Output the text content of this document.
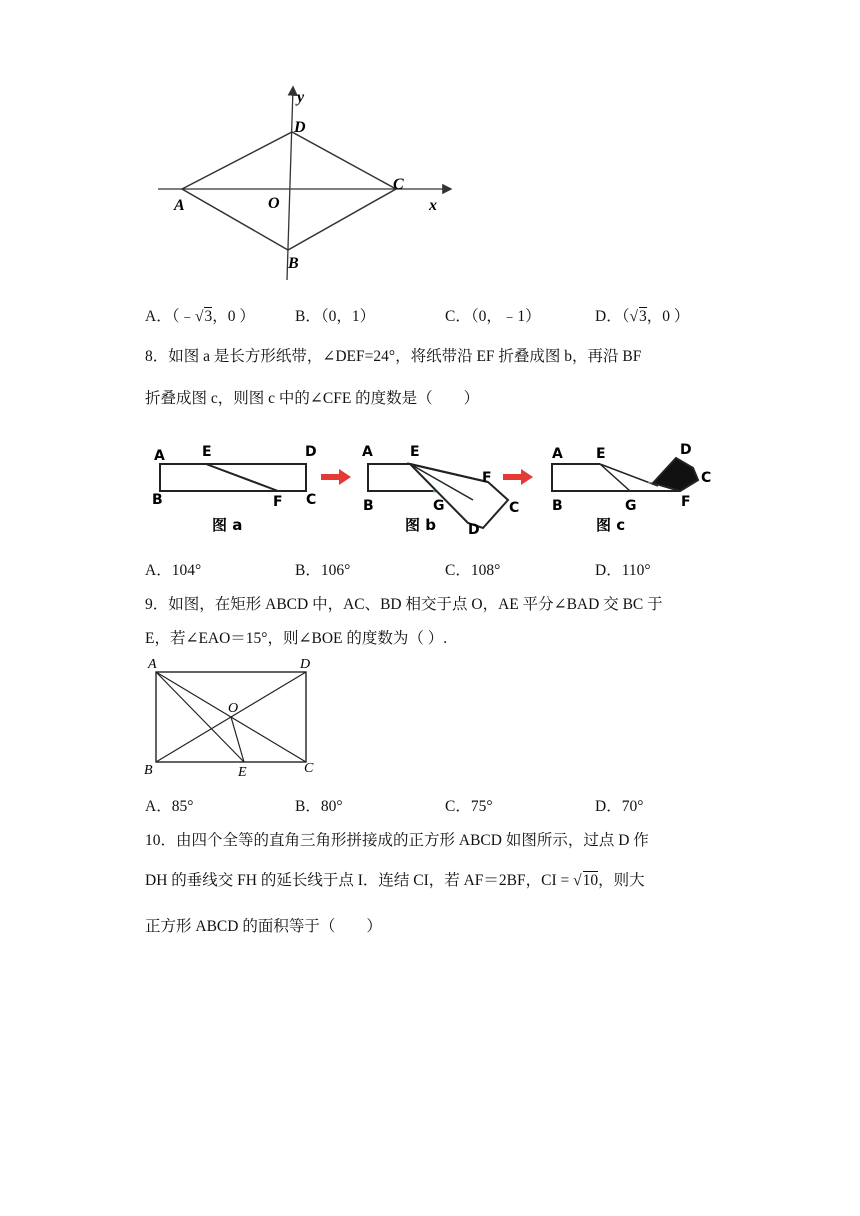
y
D
C
x
A	O
B
A．（﹣√3，0 ）	B．（0，1）	C．（0，﹣1）	D．（√3，0 ）
8．如图 a 是长方形纸带，∠DEF=24°，将纸带沿 EF 折叠成图 b，再沿 BF
折叠成图 c，则图 c 中的∠CFE 的度数是（　　）
A	E	D
B	F C
图 a
A	E
F
B	G	C
D
图 b
A E	D
C
B	G	F
图 c
A．104°	B．106°	C．108°	D．110°
9．如图，在矩形 ABCD 中，AC、BD 相交于点 O，AE 平分∠BAD 交 BC 于
E，若∠EAO＝15°，则∠BOE 的度数为（ ）.
A	D
O
B	E	C
A．85°	B．80°	C．75°	D．70°
10．由四个全等的直角三角形拼接成的正方形 ABCD 如图所示，过点 D 作
DH 的垂线交 FH 的延长线于点 I．连结 CI，若 AF＝2BF，CI = √10，则大
正方形 ABCD 的面积等于（　　）
